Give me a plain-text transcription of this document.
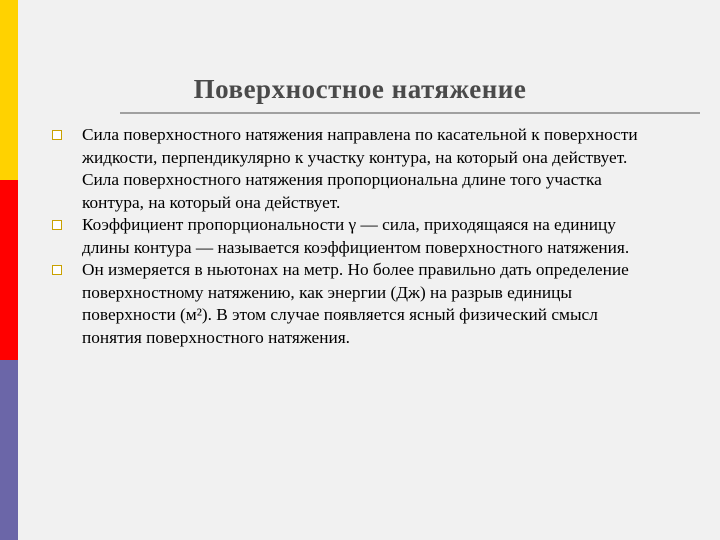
Поверхностное натяжение
Сила поверхностного натяжения направлена по касательной к поверхности жидкости, перпендикулярно к участку контура, на который она действует. Сила поверхностного натяжения пропорциональна длине того участка контура, на который она действует.
Коэффициент пропорциональности γ — сила, приходящаяся на единицу длины контура — называется коэффициентом поверхностного натяжения.
Он измеряется в ньютонах на метр. Но более правильно дать определение поверхностному натяжению, как энергии (Дж) на разрыв единицы поверхности (м²). В этом случае появляется ясный физический смысл понятия поверхностного натяжения.
